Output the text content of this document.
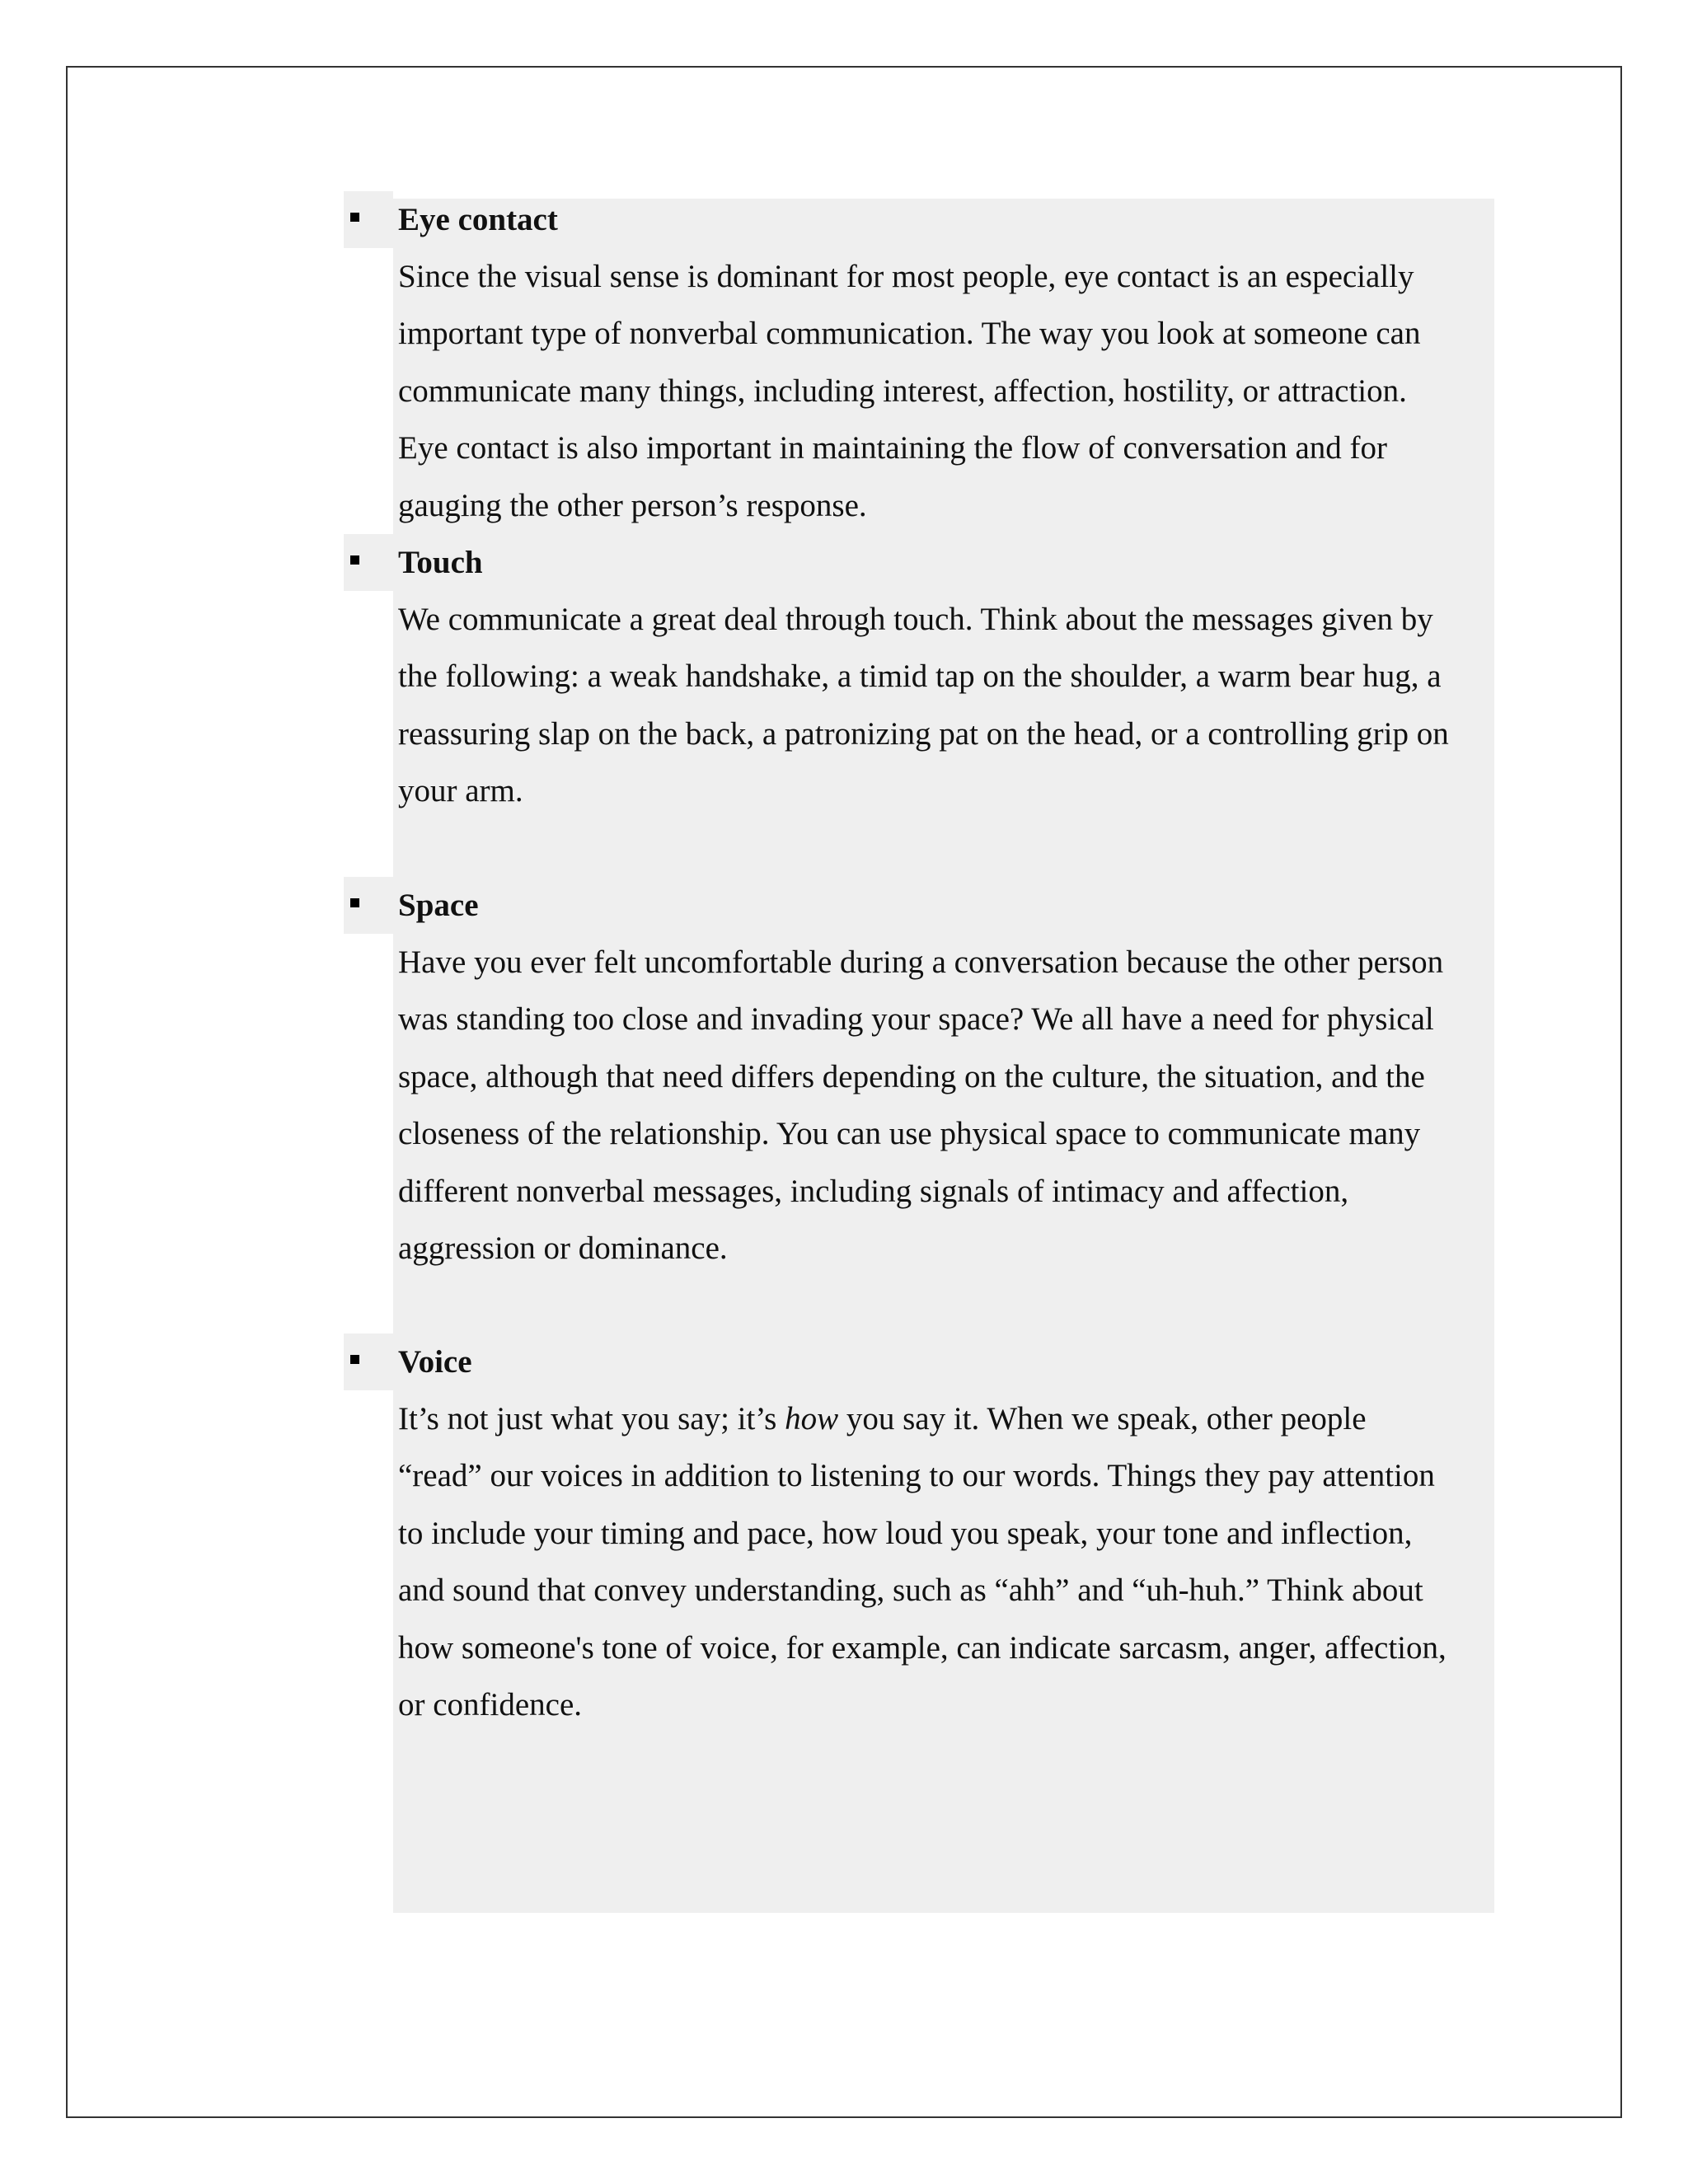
Eye contact

Since the visual sense is dominant for most people, eye contact is an especially
important type of nonverbal communication. The way you look at someone can
communicate many things, including interest, affection, hostility, or attraction.
Eye contact is also important in maintaining the flow of conversation and for
gauging the other person’s response.

Touch

We communicate a great deal through touch. Think about the messages given by
the following: a weak handshake, a timid tap on the shoulder, a warm bear hug, a
reassuring slap on the back, a patronizing pat on the head, or a controlling grip on
your arm.

Space

Have you ever felt uncomfortable during a conversation because the other person
was standing too close and invading your space? We all have a need for physical
space, although that need differs depending on the culture, the situation, and the
closeness of the relationship. You can use physical space to communicate many
different nonverbal messages, including signals of intimacy and affection,
aggression or dominance.

Voice

It’s not just what you say; it’s how you say it. When we speak, other people
“read” our voices in addition to listening to our words. Things they pay attention
to include your timing and pace, how loud you speak, your tone and inflection,
and sound that convey understanding, such as “ahh” and “uh-huh.” Think about
how someone's tone of voice, for example, can indicate sarcasm, anger, affection,
or confidence.
